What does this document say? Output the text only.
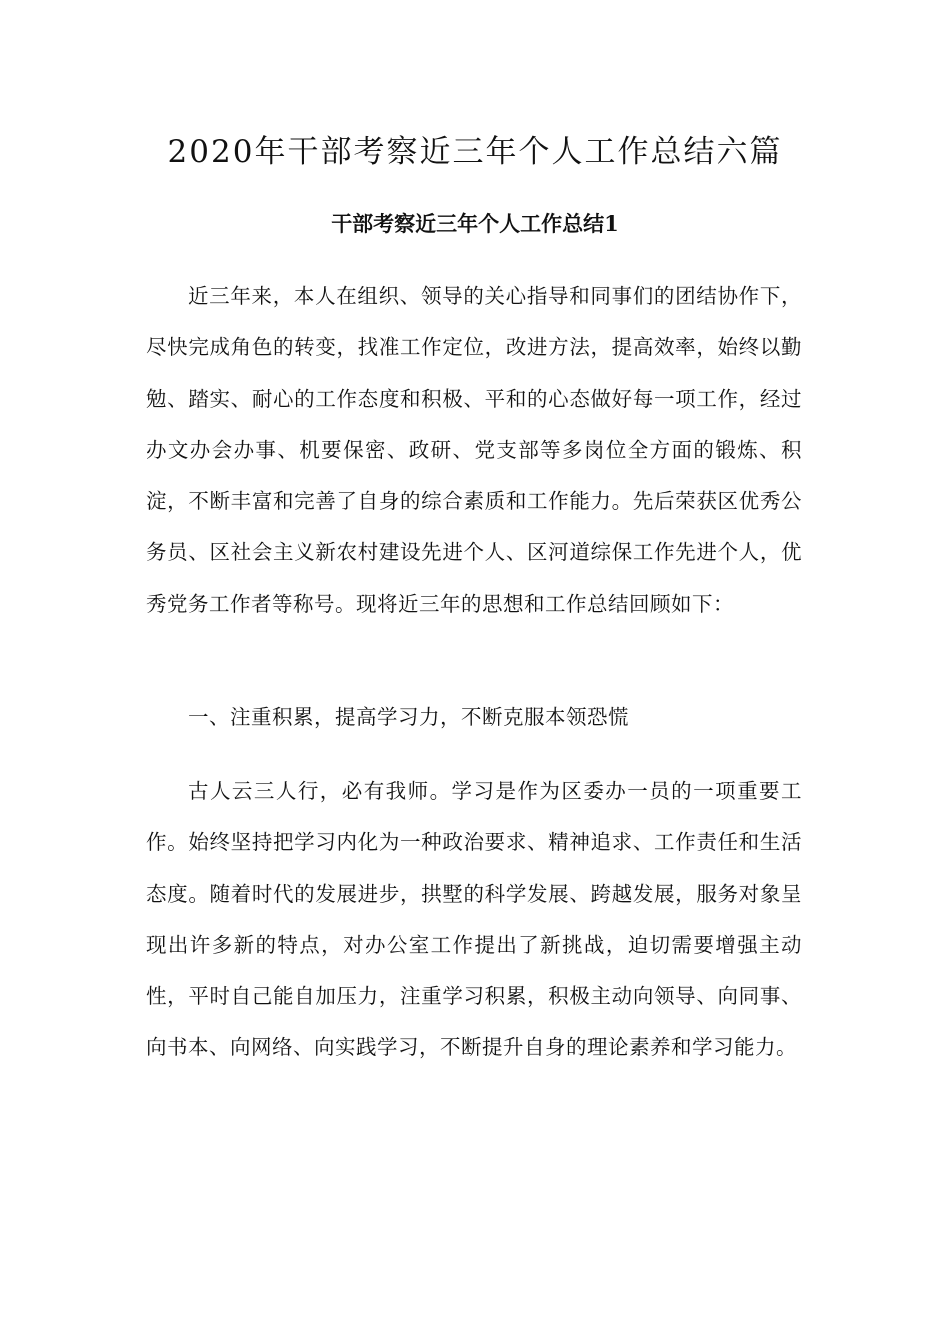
2020年干部考察近三年个人工作总结六篇
干部考察近三年个人工作总结1

近三年来，本人在组织、领导的关心指导和同事们的团结协作下，尽快完成角色的转变，找准工作定位，改进方法，提高效率，始终以勤勉、踏实、耐心的工作态度和积极、平和的心态做好每一项工作，经过办文办会办事、机要保密、政研、党支部等多岗位全方面的锻炼、积淀，不断丰富和完善了自身的综合素质和工作能力。先后荣获区优秀公务员、区社会主义新农村建设先进个人、区河道综保工作先进个人，优秀党务工作者等称号。现将近三年的思想和工作总结回顾如下：

一、注重积累，提高学习力，不断克服本领恐慌

古人云三人行，必有我师。学习是作为区委办一员的一项重要工作。始终坚持把学习内化为一种政治要求、精神追求、工作责任和生活态度。随着时代的发展进步，拱墅的科学发展、跨越发展，服务对象呈现出许多新的特点，对办公室工作提出了新挑战，迫切需要增强主动性，平时自己能自加压力，注重学习积累，积极主动向领导、向同事、向书本、向网络、向实践学习，不断提升自身的理论素养和学习能力。
